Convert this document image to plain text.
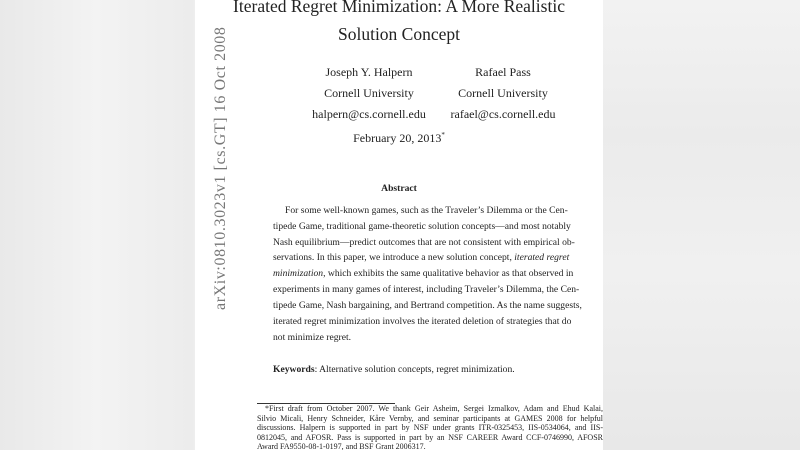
Iterated Regret Minimization: A More Realistic
Solution Concept
Joseph Y. Halpern
Cornell University
halpern@cs.cornell.edu
Rafael Pass
Cornell University
rafael@cs.cornell.edu
February 20, 2013*
Abstract
For some well-known games, such as the Traveler’s Dilemma or the Cen-
tipede Game, traditional game-theoretic solution concepts—and most notably
Nash equilibrium—predict outcomes that are not consistent with empirical ob-
servations. In this paper, we introduce a new solution concept, iterated regret
minimization, which exhibits the same qualitative behavior as that observed in
experiments in many games of interest, including Traveler’s Dilemma, the Cen-
tipede Game, Nash bargaining, and Bertrand competition. As the name suggests,
iterated regret minimization involves the iterated deletion of strategies that do
not minimize regret.
Keywords: Alternative solution concepts, regret minimization.
*First draft from October 2007. We thank Geir Asheim, Sergei Izmalkov, Adam and Ehud Kalai,
Silvio Micali, Henry Schneider, Kåre Vernby, and seminar participants at GAMES 2008 for helpful
discussions. Halpern is supported in part by NSF under grants ITR-0325453, IIS-0534064, and IIS-
0812045, and AFOSR. Pass is supported in part by an NSF CAREER Award CCF-0746990, AFOSR
Award FA9550-08-1-0197, and BSF Grant 2006317.
arXiv:0810.3023v1 [cs.GT] 16 Oct 2008
